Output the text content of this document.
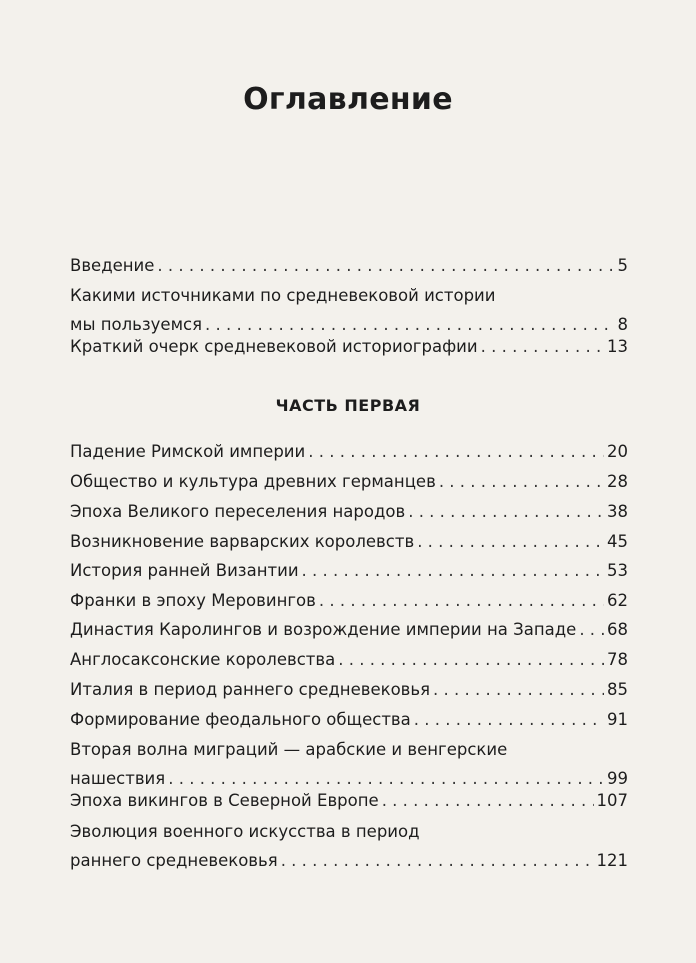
Оглавление
Введение . . .	5
Какими источниками по средневековой истории
мы пользуемся . . .	8
Краткий очерк средневековой историографии . . .	13
ЧАСТЬ ПЕРВАЯ
Падение Римской империи . . .	20
Общество и культура древних германцев . . .	28
Эпоха Великого переселения народов . . .	38
Возникновение варварских королевств . . .	45
История ранней Византии . . .	53
Франки в эпоху Меровингов . . .	62
Династия Каролингов и возрождение империи на Западе . . . 68
Англосаксонские королевства . . .	78
Италия в период раннего средневековья . . .	85
Формирование феодального общества . . .	91
Вторая волна миграций — арабские и венгерские
нашествия . . .	99
Эпоха викингов в Северной Европе . . .	107
Эволюция военного искусства в период
раннего средневековья . . .	121
